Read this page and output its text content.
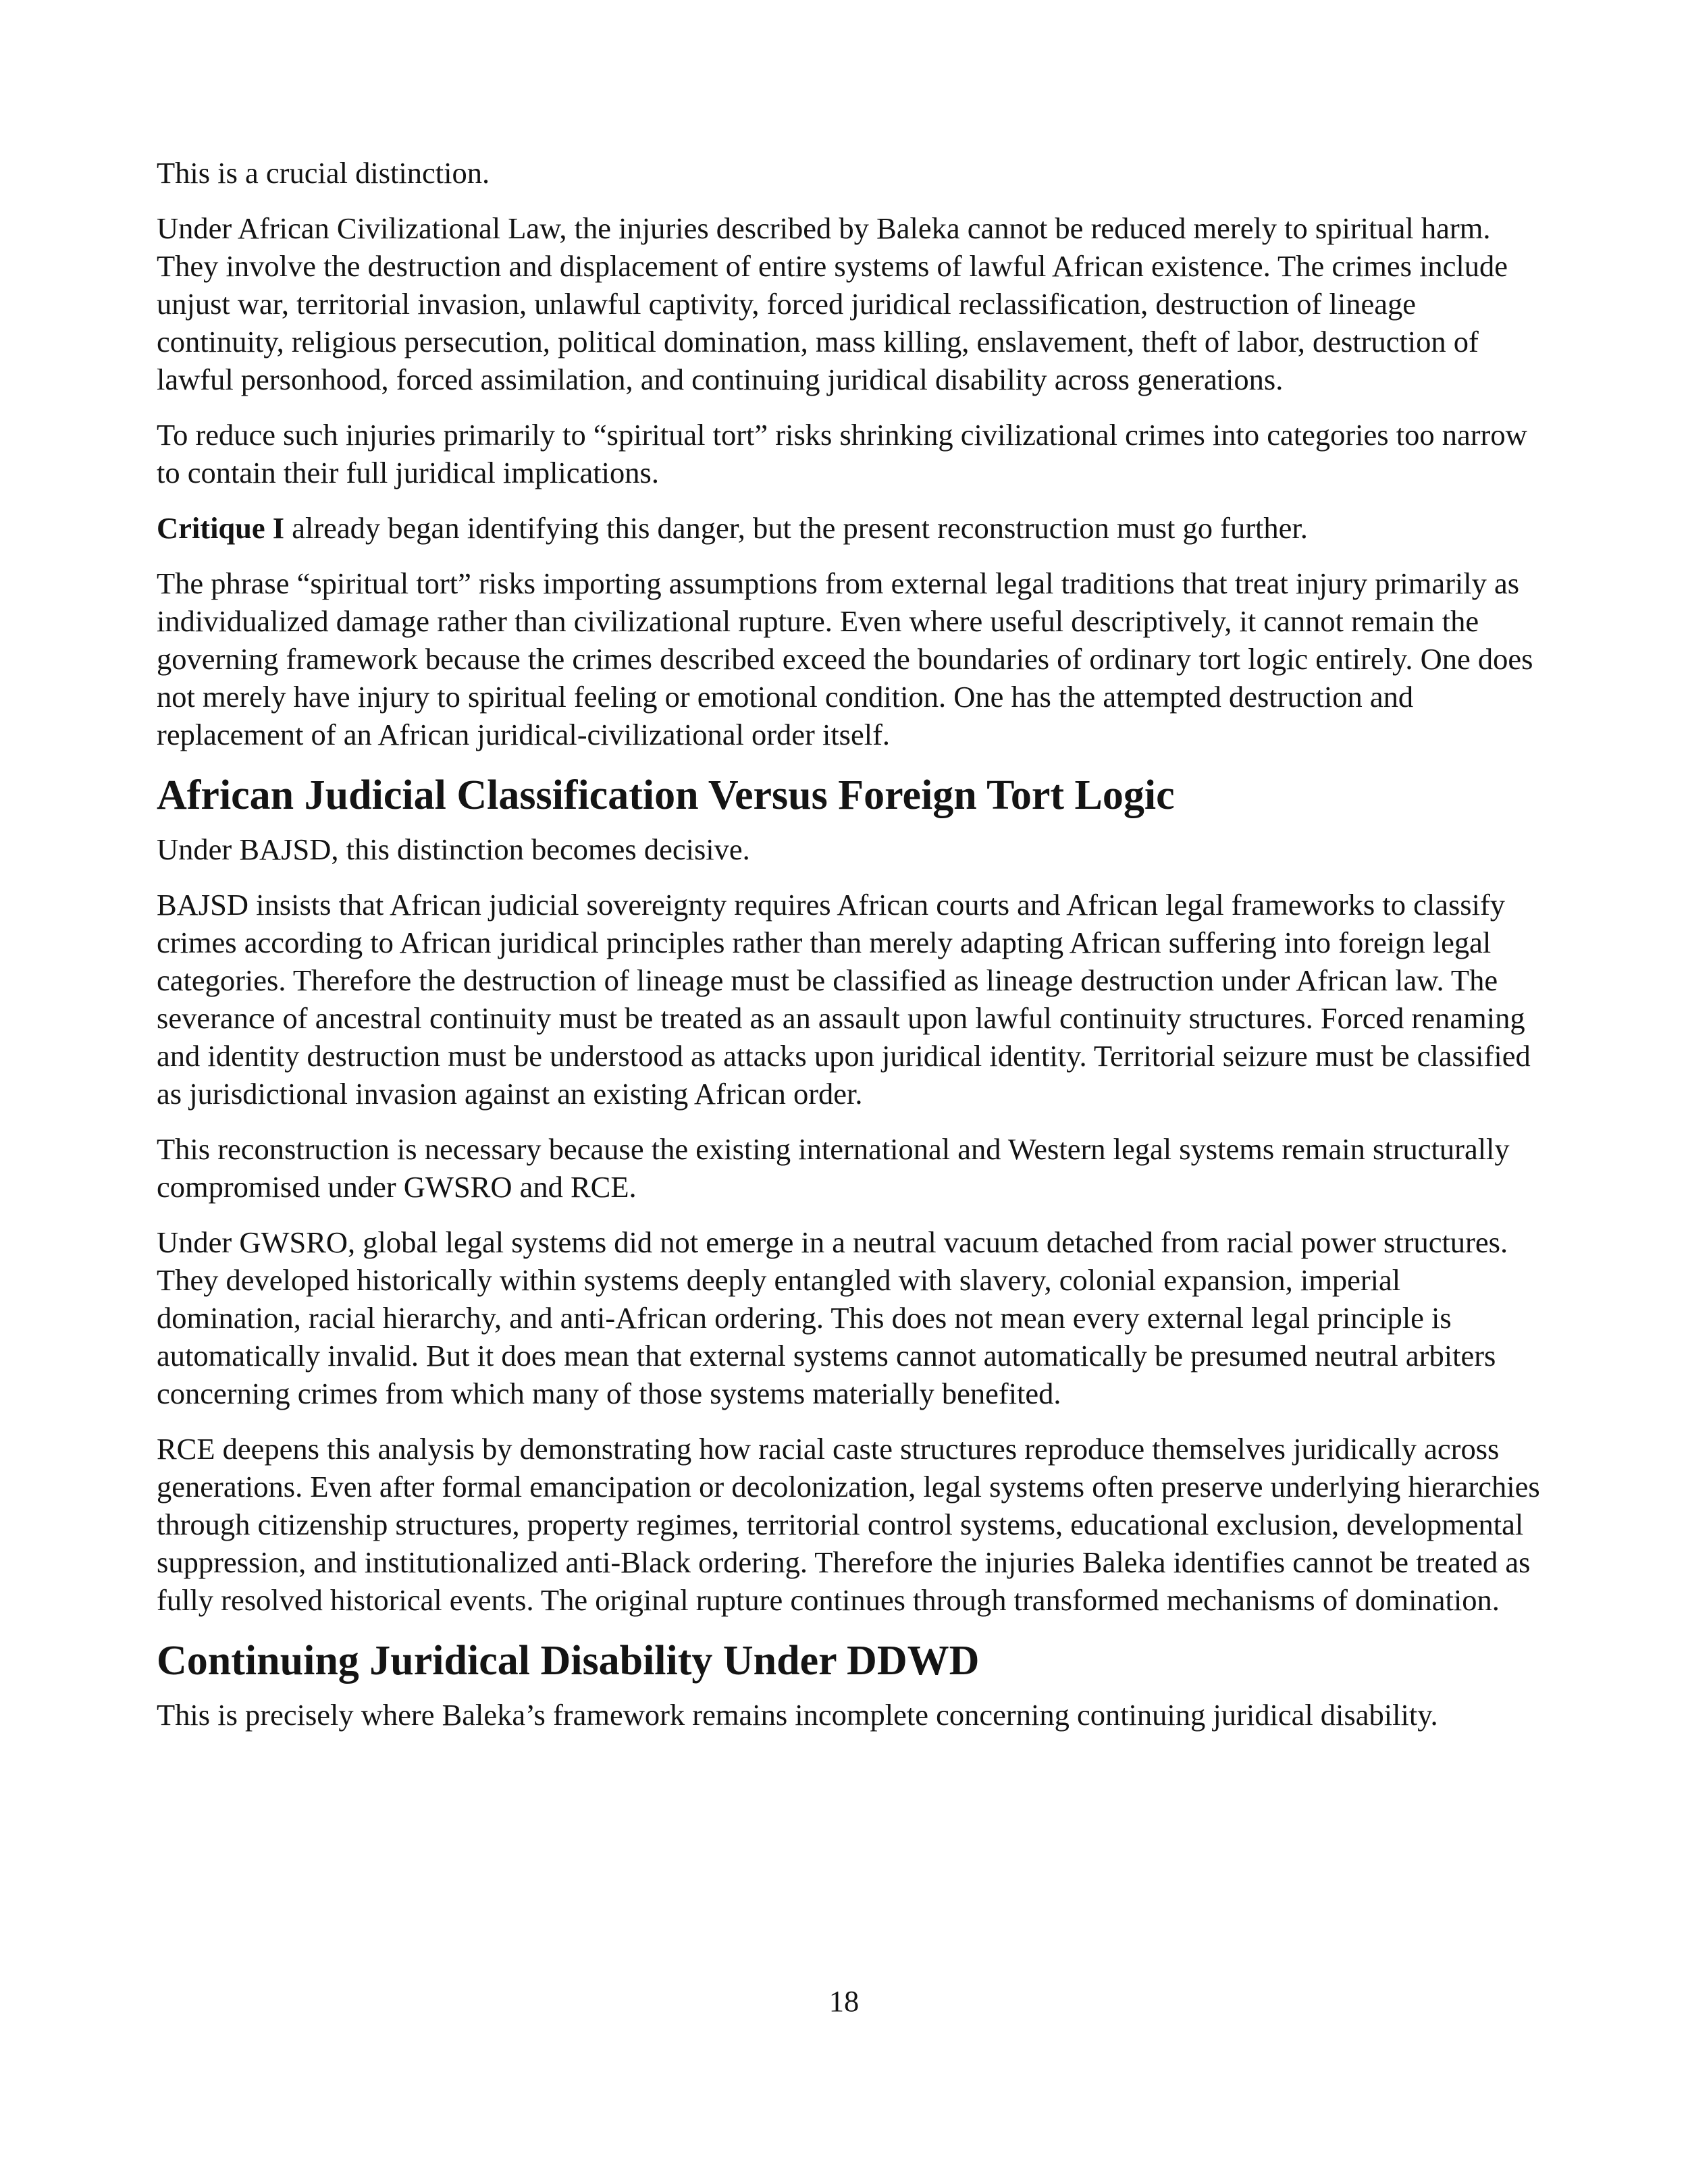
This is a crucial distinction.

Under African Civilizational Law, the injuries described by Baleka cannot be reduced merely to spiritual harm. They involve the destruction and displacement of entire systems of lawful African existence. The crimes include unjust war, territorial invasion, unlawful captivity, forced juridical reclassification, destruction of lineage continuity, religious persecution, political domination, mass killing, enslavement, theft of labor, destruction of lawful personhood, forced assimilation, and continuing juridical disability across generations.

To reduce such injuries primarily to “spiritual tort” risks shrinking civilizational crimes into categories too narrow to contain their full juridical implications.

Critique I already began identifying this danger, but the present reconstruction must go further.

The phrase “spiritual tort” risks importing assumptions from external legal traditions that treat injury primarily as individualized damage rather than civilizational rupture. Even where useful descriptively, it cannot remain the governing framework because the crimes described exceed the boundaries of ordinary tort logic entirely. One does not merely have injury to spiritual feeling or emotional condition. One has the attempted destruction and replacement of an African juridical-civilizational order itself.

African Judicial Classification Versus Foreign Tort Logic

Under BAJSD, this distinction becomes decisive.

BAJSD insists that African judicial sovereignty requires African courts and African legal frameworks to classify crimes according to African juridical principles rather than merely adapting African suffering into foreign legal categories. Therefore the destruction of lineage must be classified as lineage destruction under African law. The severance of ancestral continuity must be treated as an assault upon lawful continuity structures. Forced renaming and identity destruction must be understood as attacks upon juridical identity. Territorial seizure must be classified as jurisdictional invasion against an existing African order.

This reconstruction is necessary because the existing international and Western legal systems remain structurally compromised under GWSRO and RCE.

Under GWSRO, global legal systems did not emerge in a neutral vacuum detached from racial power structures. They developed historically within systems deeply entangled with slavery, colonial expansion, imperial domination, racial hierarchy, and anti-African ordering. This does not mean every external legal principle is automatically invalid. But it does mean that external systems cannot automatically be presumed neutral arbiters concerning crimes from which many of those systems materially benefited.

RCE deepens this analysis by demonstrating how racial caste structures reproduce themselves juridically across generations. Even after formal emancipation or decolonization, legal systems often preserve underlying hierarchies through citizenship structures, property regimes, territorial control systems, educational exclusion, developmental suppression, and institutionalized anti-Black ordering. Therefore the injuries Baleka identifies cannot be treated as fully resolved historical events. The original rupture continues through transformed mechanisms of domination.

Continuing Juridical Disability Under DDWD

This is precisely where Baleka’s framework remains incomplete concerning continuing juridical disability.

18
